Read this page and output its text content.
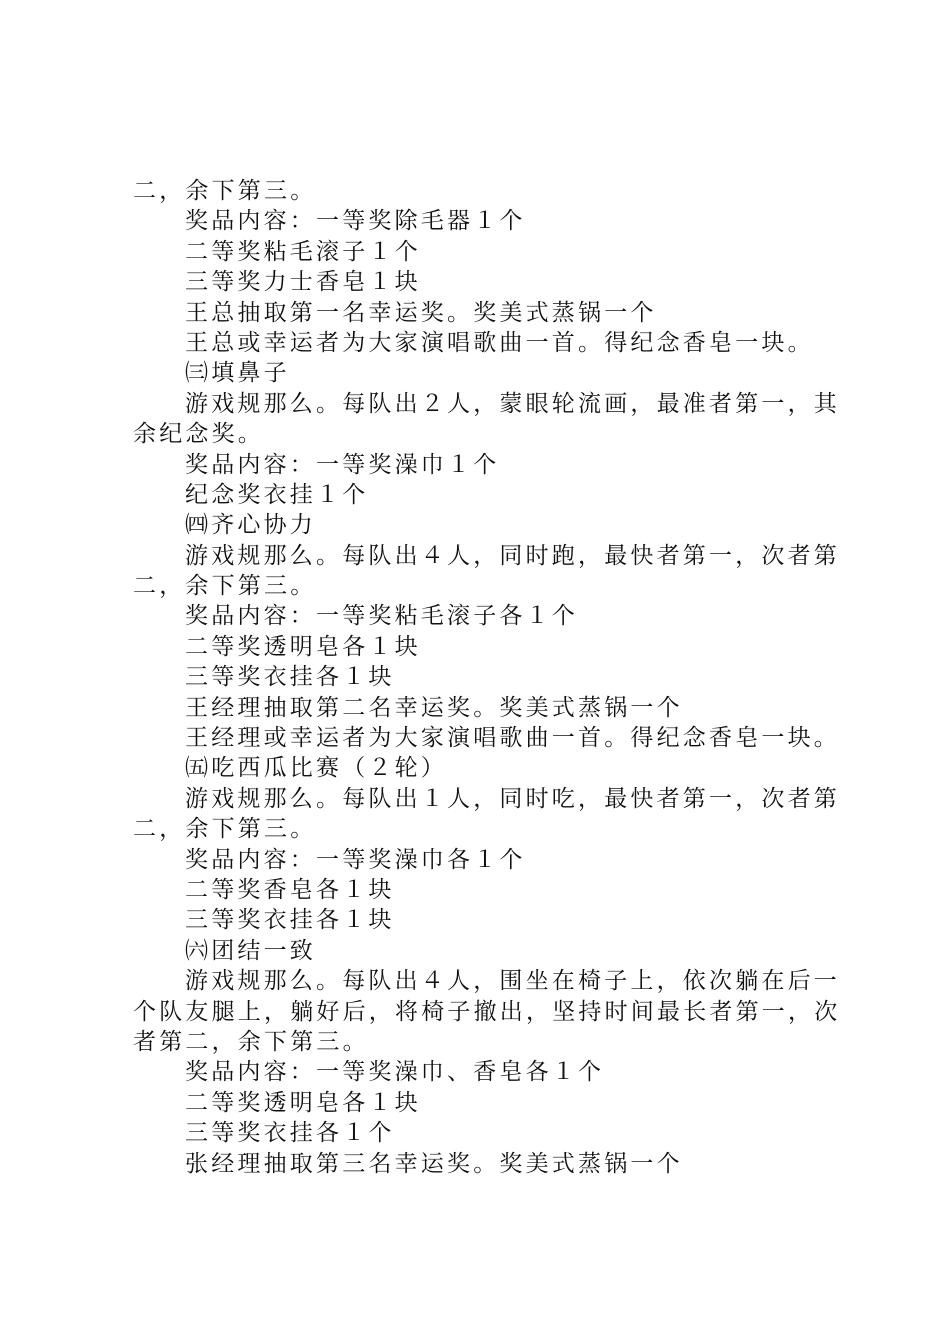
二，余下第三。
奖品内容：一等奖除毛器１个
二等奖粘毛滚子１个
三等奖力士香皂１块
王总抽取第一名幸运奖。奖美式蒸锅一个
王总或幸运者为大家演唱歌曲一首。得纪念香皂一块。
㈢填鼻子
游戏规那么。每队出２人，蒙眼轮流画，最准者第一，其
余纪念奖。
奖品内容：一等奖澡巾１个
纪念奖衣挂１个
㈣齐心协力
游戏规那么。每队出４人，同时跑，最快者第一，次者第
二，余下第三。
奖品内容：一等奖粘毛滚子各１个
二等奖透明皂各１块
三等奖衣挂各１块
王经理抽取第二名幸运奖。奖美式蒸锅一个
王经理或幸运者为大家演唱歌曲一首。得纪念香皂一块。
㈤吃西瓜比赛（２轮）
游戏规那么。每队出１人，同时吃，最快者第一，次者第
二，余下第三。
奖品内容：一等奖澡巾各１个
二等奖香皂各１块
三等奖衣挂各１块
㈥团结一致
游戏规那么。每队出４人，围坐在椅子上，依次躺在后一
个队友腿上，躺好后，将椅子撤出，坚持时间最长者第一，次
者第二，余下第三。
奖品内容：一等奖澡巾、香皂各１个
二等奖透明皂各１块
三等奖衣挂各１个
张经理抽取第三名幸运奖。奖美式蒸锅一个
